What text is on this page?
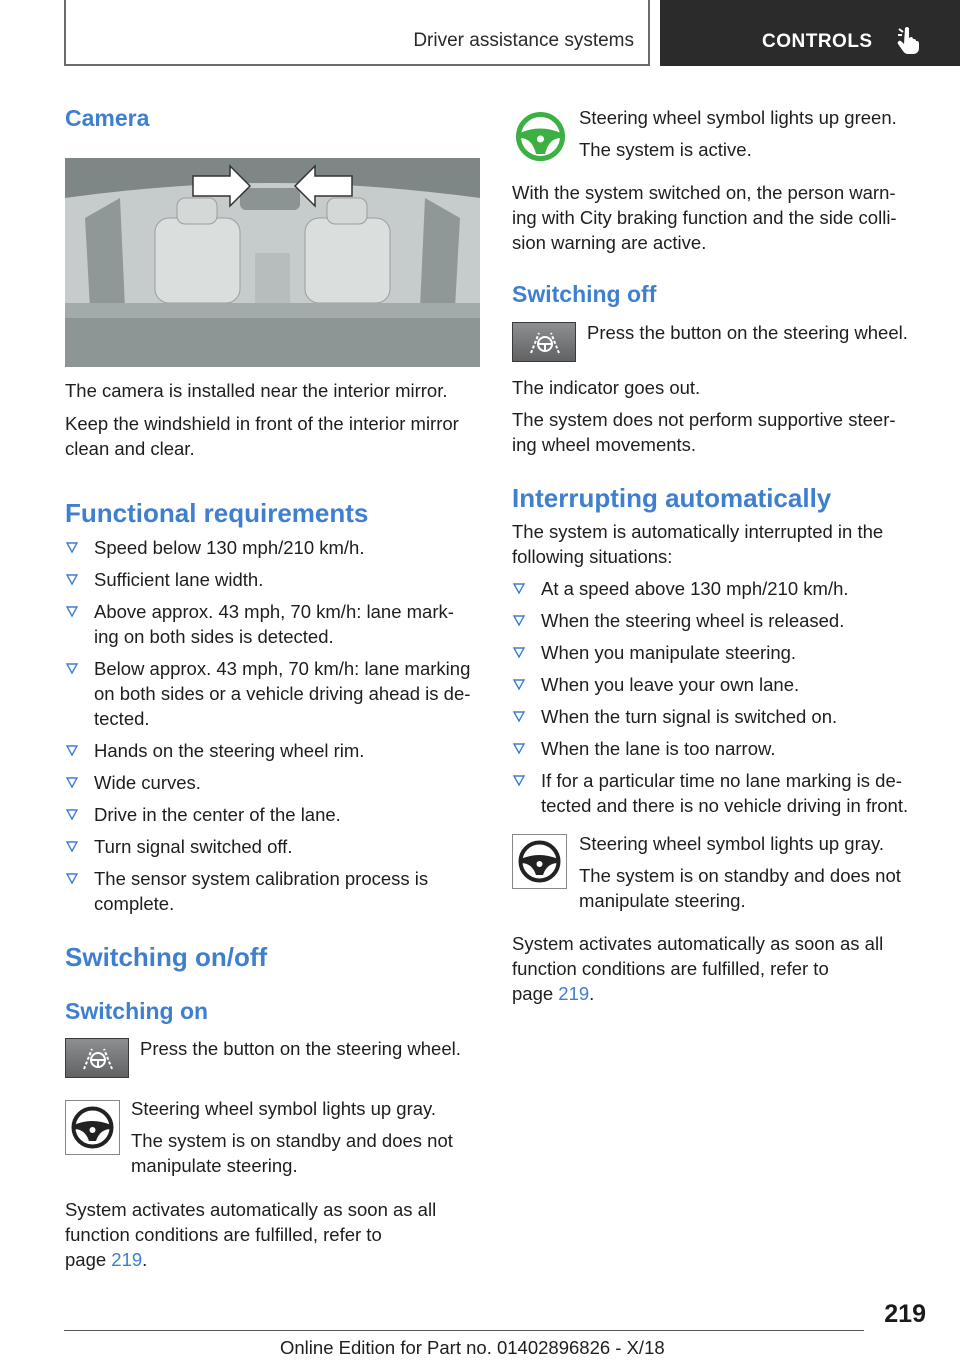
Driver assistance systems	CONTROLS
Camera
The camera is installed near the interior mirror.
Keep the windshield in front of the interior mirror
clean and clear.
Functional requirements
Speed below 130 mph/210 km/h.
Sufficient lane width.
Above approx. 43 mph, 70 km/h: lane mark‐
ing on both sides is detected.
Below approx. 43 mph, 70 km/h: lane marking
on both sides or a vehicle driving ahead is de‐
tected.
Hands on the steering wheel rim.
Wide curves.
Drive in the center of the lane.
Turn signal switched off.
The sensor system calibration process is
complete.
Switching on/off
Switching on
Press the button on the steering wheel.
Steering wheel symbol lights up gray.
The system is on standby and does not
manipulate steering.
System activates automatically as soon as all
function conditions are fulfilled, refer to
page 219.
Steering wheel symbol lights up green.
The system is active.
With the system switched on, the person warn‐
ing with City braking function and the side colli‐
sion warning are active.
Switching off
Press the button on the steering wheel.
The indicator goes out.
The system does not perform supportive steer‐
ing wheel movements.
Interrupting automatically
The system is automatically interrupted in the
following situations:
At a speed above 130 mph/210 km/h.
When the steering wheel is released.
When you manipulate steering.
When you leave your own lane.
When the turn signal is switched on.
When the lane is too narrow.
If for a particular time no lane marking is de‐
tected and there is no vehicle driving in front.
Steering wheel symbol lights up gray.
The system is on standby and does not
manipulate steering.
System activates automatically as soon as all
function conditions are fulfilled, refer to
page 219.
219
Online Edition for Part no. 01402896826 - X/18
